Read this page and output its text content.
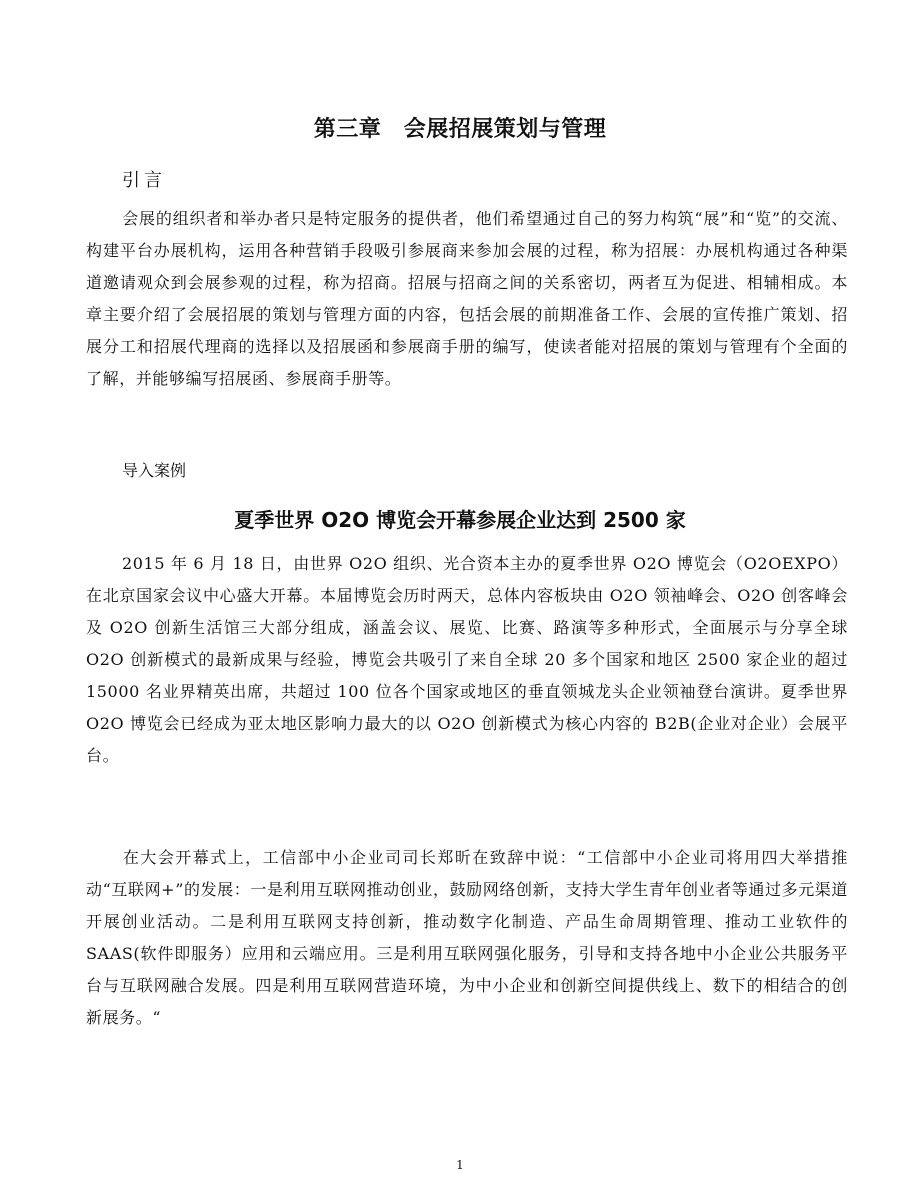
第三章　会展招展策划与管理
引言

会展的组织者和举办者只是特定服务的提供者，他们希望通过自己的努力构筑“展”和“览”的交流、构建平台办展机构，运用各种营销手段吸引参展商来参加会展的过程，称为招展：办展机构通过各种渠道邀请观众到会展参观的过程，称为招商。招展与招商之间的关系密切，两者互为促进、相辅相成。本章主要介绍了会展招展的策划与管理方面的内容，包括会展的前期准备工作、会展的宣传推广策划、招展分工和招展代理商的选择以及招展函和参展商手册的编写，使读者能对招展的策划与管理有个全面的了解，并能够编写招展函、参展商手册等。

导入案例
夏季世界 O2O 博览会开幕参展企业达到 2500 家

2015 年 6 月 18 日，由世界 O2O 组织、光合资本主办的夏季世界 O2O 博览会（O2OEXPO）在北京国家会议中心盛大开幕。本届博览会历时两天，总体内容板块由 O2O 领袖峰会、O2O 创客峰会及 O2O 创新生活馆三大部分组成，涵盖会议、展览、比赛、路演等多种形式，全面展示与分享全球 O2O 创新模式的最新成果与经验，博览会共吸引了来自全球 20 多个国家和地区 2500 家企业的超过 15000 名业界精英出席，共超过 100 位各个国家或地区的垂直领城龙头企业领袖登台演讲。夏季世界 O2O 博览会已经成为亚太地区影响力最大的以 O2O 创新模式为核心内容的 B2B(企业对企业）会展平台。

在大会开幕式上，工信部中小企业司司长郑昕在致辞中说：“工信部中小企业司将用四大举措推动“互联网+”的发展：一是利用互联网推动创业，鼓励网络创新，支持大学生青年创业者等通过多元渠道开展创业活动。二是利用互联网支持创新，推动数字化制造、产品生命周期管理、推动工业软件的 SAAS(软件即服务）应用和云端应用。三是利用互联网强化服务，引导和支持各地中小企业公共服务平台与互联网融合发展。四是利用互联网营造环境，为中小企业和创新空间提供线上、数下的相结合的创新展务。“

1
